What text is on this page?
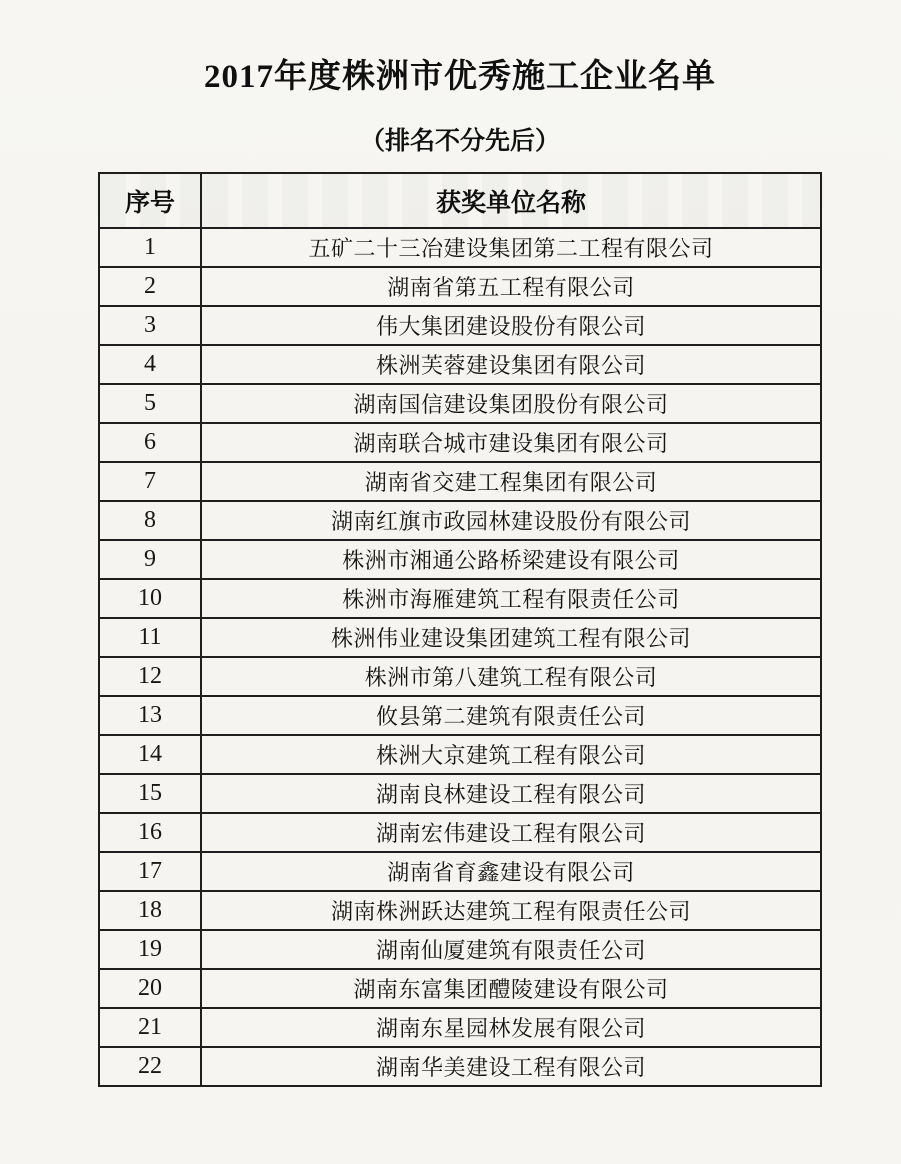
2017年度株洲市优秀施工企业名单
（排名不分先后）
序号	获奖单位名称
1	五矿二十三冶建设集团第二工程有限公司
2	湖南省第五工程有限公司
3	伟大集团建设股份有限公司
4	株洲芙蓉建设集团有限公司
5	湖南国信建设集团股份有限公司
6	湖南联合城市建设集团有限公司
7	湖南省交建工程集团有限公司
8	湖南红旗市政园林建设股份有限公司
9	株洲市湘通公路桥梁建设有限公司
10	株洲市海雁建筑工程有限责任公司
11	株洲伟业建设集团建筑工程有限公司
12	株洲市第八建筑工程有限公司
13	攸县第二建筑有限责任公司
14	株洲大京建筑工程有限公司
15	湖南良林建设工程有限公司
16	湖南宏伟建设工程有限公司
17	湖南省育鑫建设有限公司
18	湖南株洲跃达建筑工程有限责任公司
19	湖南仙厦建筑有限责任公司
20	湖南东富集团醴陵建设有限公司
21	湖南东星园林发展有限公司
22	湖南华美建设工程有限公司
